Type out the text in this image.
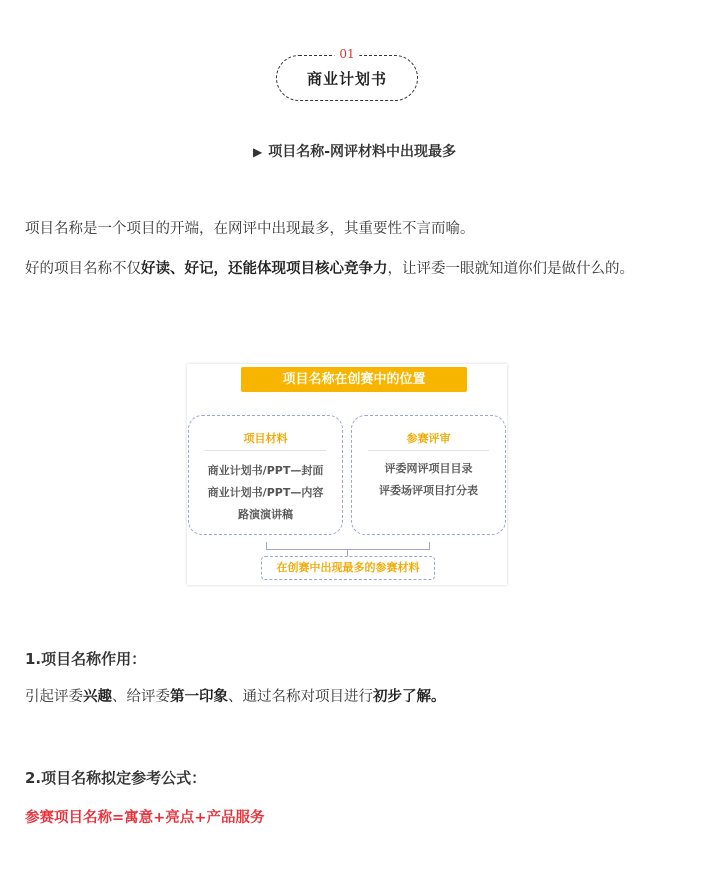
01
商业计划书
▶ 项目名称-网评材料中出现最多

项目名称是一个项目的开端，在网评中出现最多，其重要性不言而喻。

好的项目名称不仅好读、好记，还能体现项目核心竞争力，让评委一眼就知道你们是做什么的。

项目名称在创赛中的位置
项目材料
商业计划书/PPT—封面
商业计划书/PPT—内容
路演演讲稿
参赛评审
评委网评项目目录
评委场评项目打分表
在创赛中出现最多的参赛材料
1.项目名称作用：

引起评委兴趣、给评委第一印象、通过名称对项目进行初步了解。

2.项目名称拟定参考公式：

参赛项目名称=寓意+亮点+产品服务
